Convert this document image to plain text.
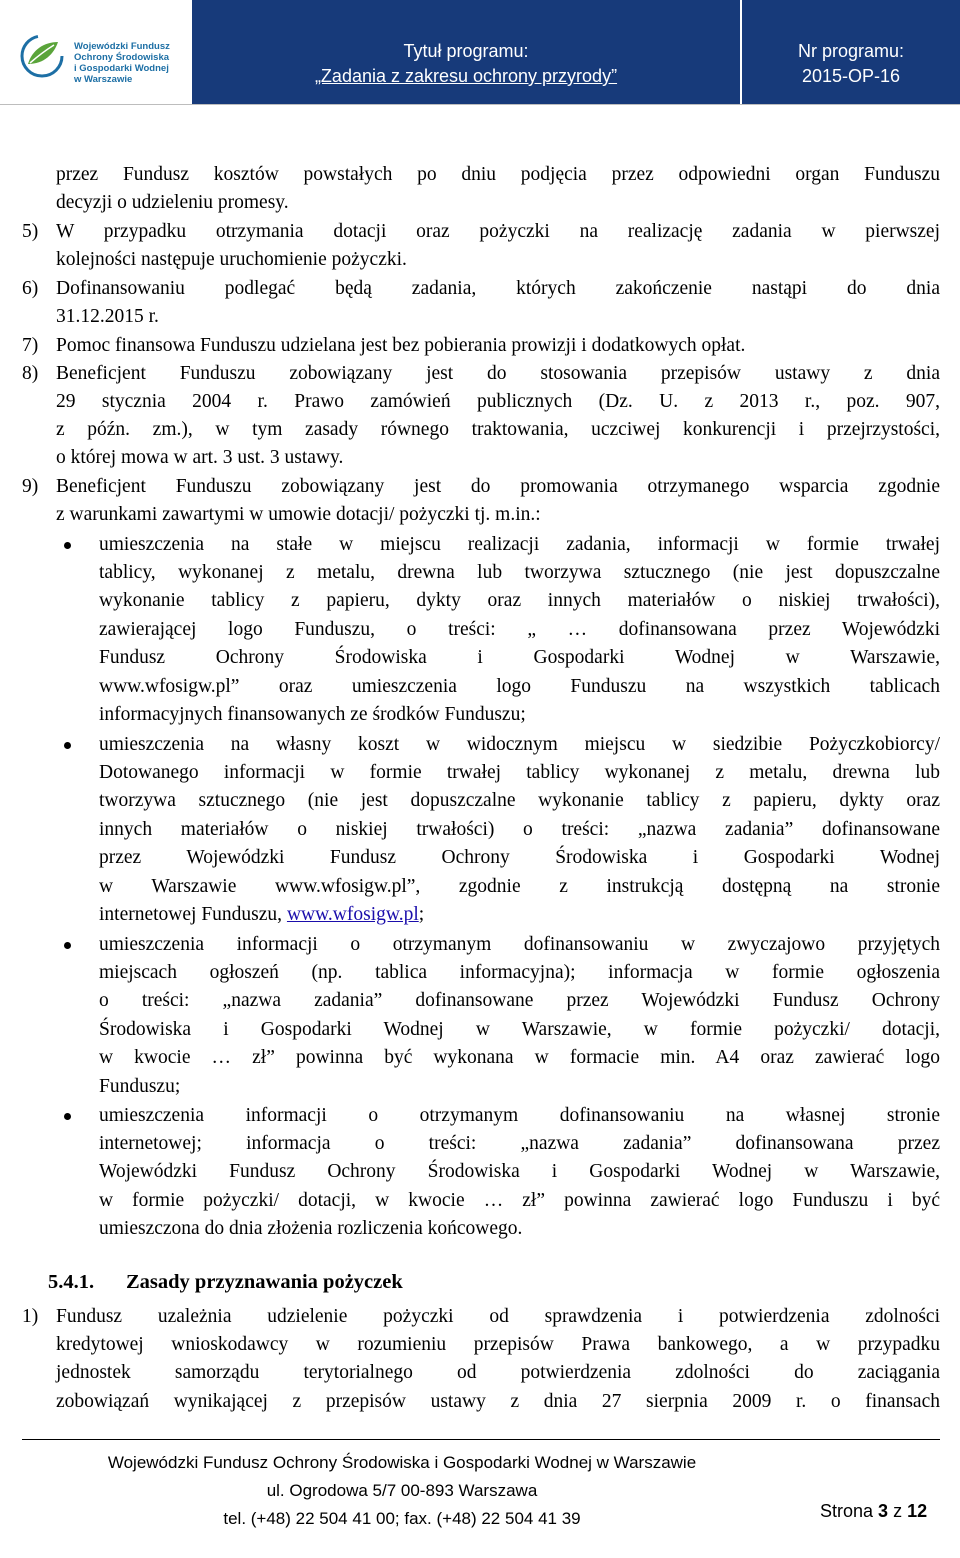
Wojewódzki Fundusz
Ochrony Środowiska
i Gospodarki Wodnej
w Warszawie
Tytuł programu:
„Zadania z zakresu ochrony przyrody”
Nr programu:
2015-OP-16
przez Fundusz kosztów powstałych po dniu podjęcia przez odpowiedni organ Funduszu
decyzji o udzieleniu promesy.
5) W przypadku otrzymania dotacji oraz pożyczki na realizację zadania w pierwszej
kolejności następuje uruchomienie pożyczki.
6) Dofinansowaniu podlegać będą zadania, których zakończenie nastąpi do dnia
31.12.2015 r.
7) Pomoc finansowa Funduszu udzielana jest bez pobierania prowizji i dodatkowych opłat.
8) Beneficjent Funduszu zobowiązany jest do stosowania przepisów ustawy z dnia
29 stycznia 2004 r. Prawo zamówień publicznych (Dz. U. z 2013 r., poz. 907,
z późn. zm.), w tym zasady równego traktowania, uczciwej konkurencji i przejrzystości,
o której mowa w art. 3 ust. 3 ustawy.
9) Beneficjent Funduszu zobowiązany jest do promowania otrzymanego wsparcia zgodnie
z warunkami zawartymi w umowie dotacji/ pożyczki tj. m.in.:
umieszczenia na stałe w miejscu realizacji zadania, informacji w formie trwałej
tablicy, wykonanej z metalu, drewna lub tworzywa sztucznego (nie jest dopuszczalne
wykonanie tablicy z papieru, dykty oraz innych materiałów o niskiej trwałości),
zawierającej logo Funduszu, o treści: „ … dofinansowana przez Wojewódzki
Fundusz Ochrony Środowiska i Gospodarki Wodnej w Warszawie,
www.wfosigw.pl” oraz umieszczenia logo Funduszu na wszystkich tablicach
informacyjnych finansowanych ze środków Funduszu;
umieszczenia na własny koszt w widocznym miejscu w siedzibie Pożyczkobiorcy/
Dotowanego informacji w formie trwałej tablicy wykonanej z metalu, drewna lub
tworzywa sztucznego (nie jest dopuszczalne wykonanie tablicy z papieru, dykty oraz
innych materiałów o niskiej trwałości) o treści: „nazwa zadania” dofinansowane
przez Wojewódzki Fundusz Ochrony Środowiska i Gospodarki Wodnej
w Warszawie www.wfosigw.pl”, zgodnie z instrukcją dostępną na stronie
internetowej Funduszu, www.wfosigw.pl;
umieszczenia informacji o otrzymanym dofinansowaniu w zwyczajowo przyjętych
miejscach ogłoszeń (np. tablica informacyjna); informacja w formie ogłoszenia
o treści: „nazwa zadania” dofinansowane przez Wojewódzki Fundusz Ochrony
Środowiska i Gospodarki Wodnej w Warszawie, w formie pożyczki/ dotacji,
w kwocie … zł” powinna być wykonana w formacie min. A4 oraz zawierać logo
Funduszu;
umieszczenia informacji o otrzymanym dofinansowaniu na własnej stronie
internetowej; informacja o treści: „nazwa zadania” dofinansowana przez
Wojewódzki Fundusz Ochrony Środowiska i Gospodarki Wodnej w Warszawie,
w formie pożyczki/ dotacji, w kwocie … zł” powinna zawierać logo Funduszu i być
umieszczona do dnia złożenia rozliczenia końcowego.
5.4.1. Zasady przyznawania pożyczek
1) Fundusz uzależnia udzielenie pożyczki od sprawdzenia i potwierdzenia zdolności
kredytowej wnioskodawcy w rozumieniu przepisów Prawa bankowego, a w przypadku
jednostek samorządu terytorialnego od potwierdzenia zdolności do zaciągania
zobowiązań wynikającej z przepisów ustawy z dnia 27 sierpnia 2009 r. o finansach
Wojewódzki Fundusz Ochrony Środowiska i Gospodarki Wodnej w Warszawie
ul. Ogrodowa 5/7 00-893 Warszawa
tel. (+48) 22 504 41 00; fax. (+48) 22 504 41 39	Strona 3 z 12
